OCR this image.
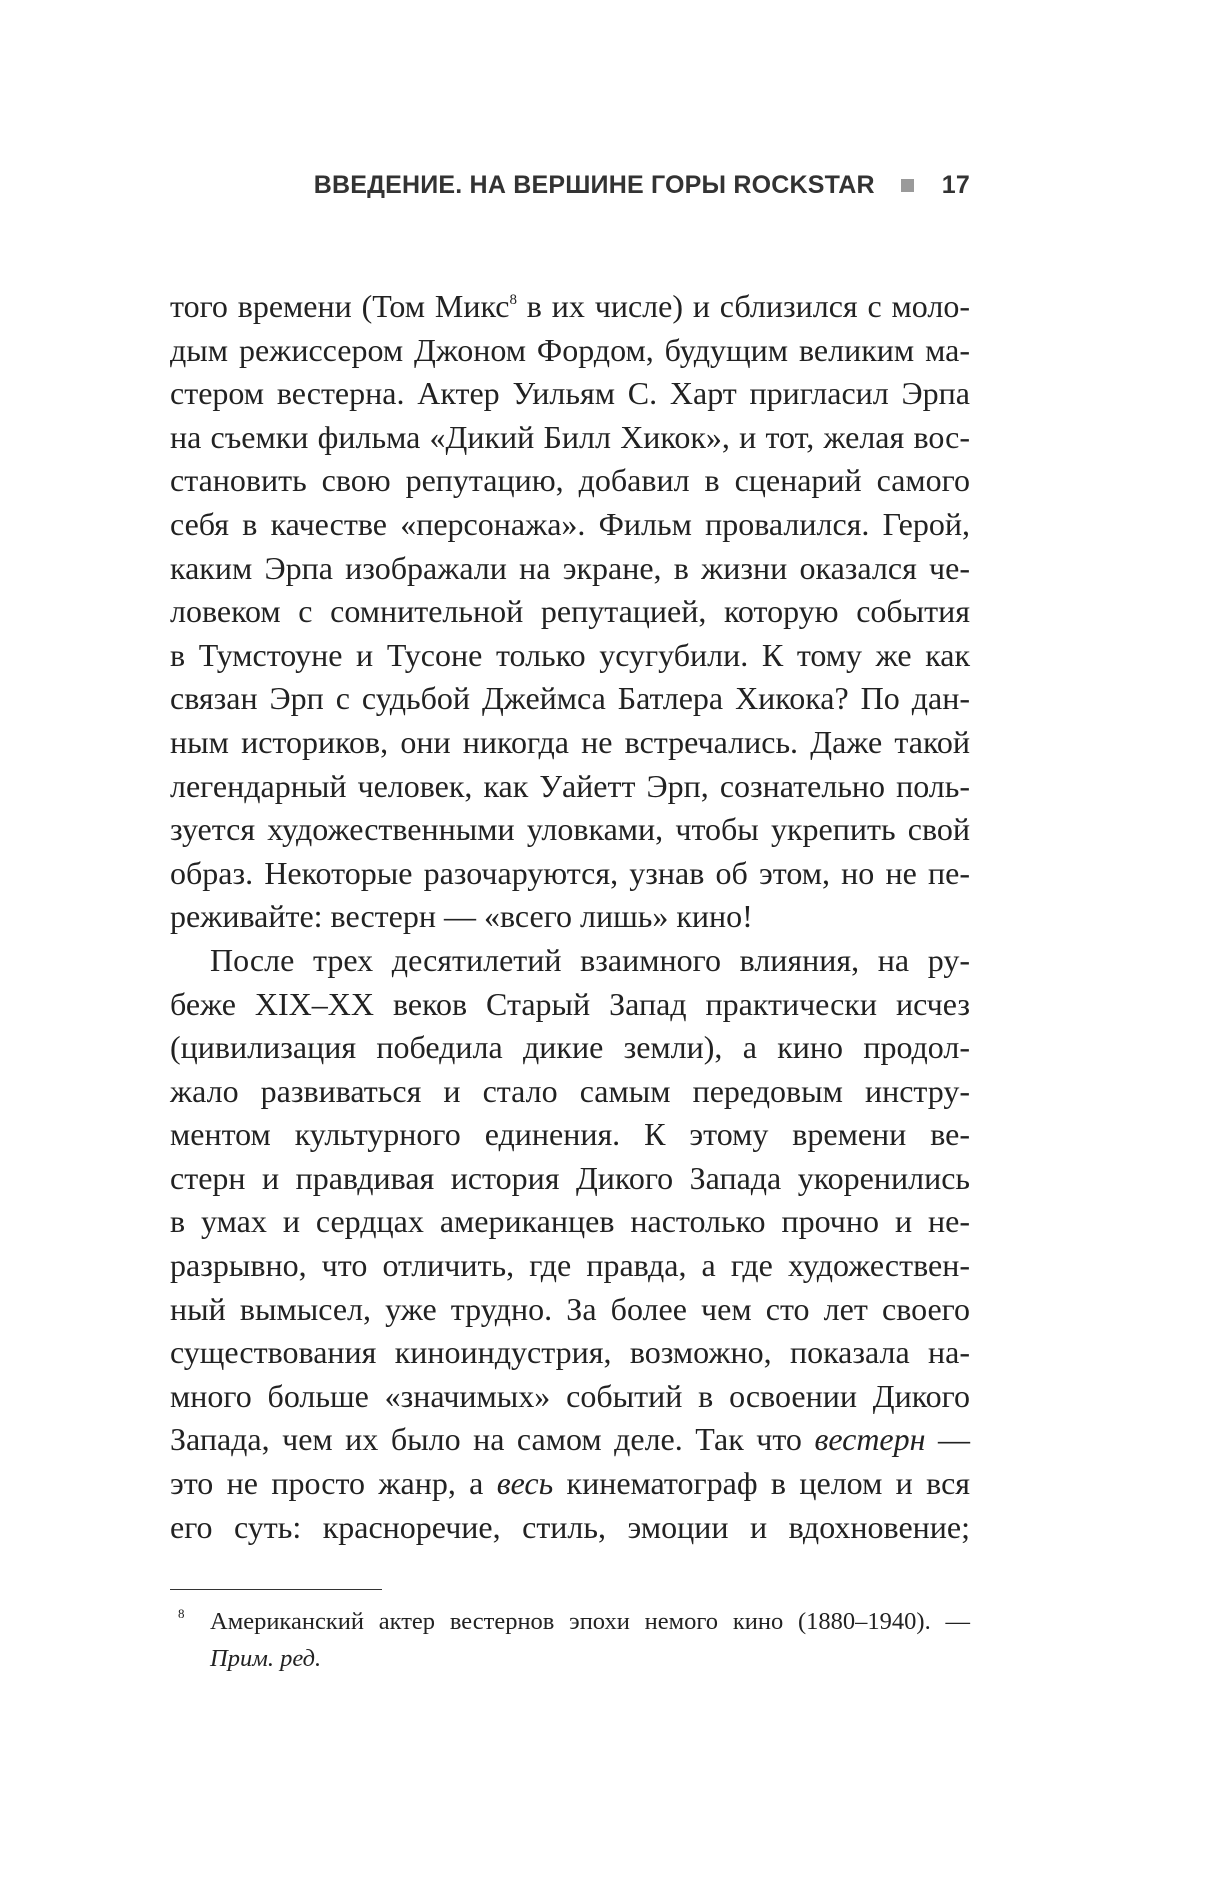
ВВЕДЕНИЕ. НА ВЕРШИНЕ ГОРЫ ROCKSTAR	17
того времени (Том Микс$^8$ в их числе) и сблизился с моло-
дым режиссером Джоном Фордом, будущим великим ма-
стером вестерна. Актер Уильям С. Харт пригласил Эрпа
на съемки фильма «Дикий Билл Хикок», и тот, желая вос-
становить свою репутацию, добавил в сценарий самого
себя в качестве «персонажа». Фильм провалился. Герой,
каким Эрпа изображали на экране, в жизни оказался че-
ловеком с сомнительной репутацией, которую события
в Тумстоуне и Тусоне только усугубили. К тому же как
связан Эрп с судьбой Джеймса Батлера Хикока? По дан-
ным историков, они никогда не встречались. Даже такой
легендарный человек, как Уайетт Эрп, сознательно поль-
зуется художественными уловками, чтобы укрепить свой
образ. Некоторые разочаруются, узнав об этом, но не пе-
реживайте: вестерн — «всего лишь» кино!
После трех десятилетий взаимного влияния, на ру-
беже XIX–XX веков Старый Запад практически исчез
(цивилизация победила дикие земли), а кино продол-
жало развиваться и стало самым передовым инстру-
ментом культурного единения. К этому времени ве-
стерн и правдивая история Дикого Запада укоренились
в умах и сердцах американцев настолько прочно и не-
разрывно, что отличить, где правда, а где художествен-
ный вымысел, уже трудно. За более чем сто лет своего
существования киноиндустрия, возможно, показала на-
много больше «значимых» событий в освоении Дикого
Запада, чем их было на самом деле. Так что вестерн —
это не просто жанр, а весь кинематограф в целом и вся
его суть: красноречие, стиль, эмоции и вдохновение;
8	Американский актер вестернов эпохи немого кино (1880–1940). —
Прим. ред.
